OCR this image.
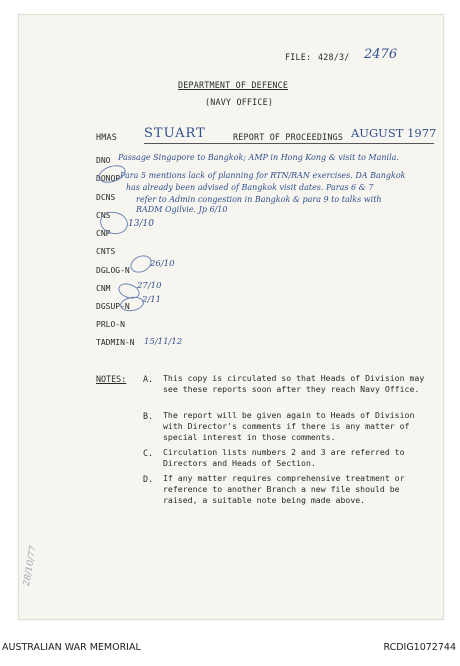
FILE: 428/3/ 2476
DEPARTMENT OF DEFENCE
(NAVY OFFICE)
HMAS STUART	REPORT OF PROCEEDINGS AUGUST 1977
DNO
DONOP
DCNS
CNS
CNP
CNTS
DGLOG-N
CNM
DGSUP-N
PRLO-N
TADMIN-N
Passage Singapore to Bangkok; AMP in Hong Kong & visit to Manila.
Para 5 mentions lack of planning for RTN/RAN exercises. DA Bangkok
has already been advised of Bangkok visit dates. Paras 6 & 7
refer to Admin congestion in Bangkok & para 9 to talks with
RADM Ogilvie. Jp 6/10
13/10
26/10
27/10
2/11
15/11/12
NOTES: A. This copy is circulated so that Heads of Division may see these reports soon after they reach Navy Office.
B. The report will be given again to Heads of Division with Director's comments if there is any matter of special interest in those comments.
C. Circulation lists numbers 2 and 3 are referred to Directors and Heads of Section.
D. If any matter requires comprehensive treatment or reference to another Branch a new file should be raised, a suitable note being made above.
28/10/77
AUSTRALIAN WAR MEMORIAL	RCDIG1072744
